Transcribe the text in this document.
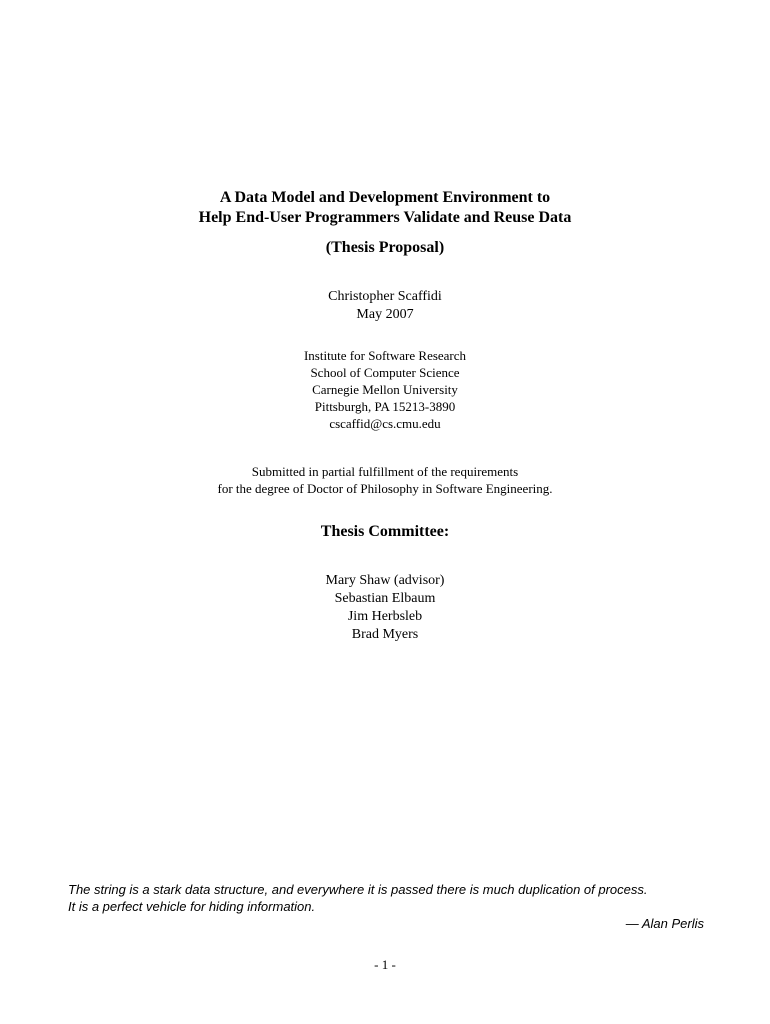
A Data Model and Development Environment to
Help End-User Programmers Validate and Reuse Data
(Thesis Proposal)
Christopher Scaffidi
May 2007
Institute for Software Research
School of Computer Science
Carnegie Mellon University
Pittsburgh, PA 15213-3890
cscaffid@cs.cmu.edu
Submitted in partial fulfillment of the requirements
for the degree of Doctor of Philosophy in Software Engineering.
Thesis Committee:
Mary Shaw (advisor)
Sebastian Elbaum
Jim Herbsleb
Brad Myers
The string is a stark data structure, and everywhere it is passed there is much duplication of process.
It is a perfect vehicle for hiding information.
— Alan Perlis
- 1 -
